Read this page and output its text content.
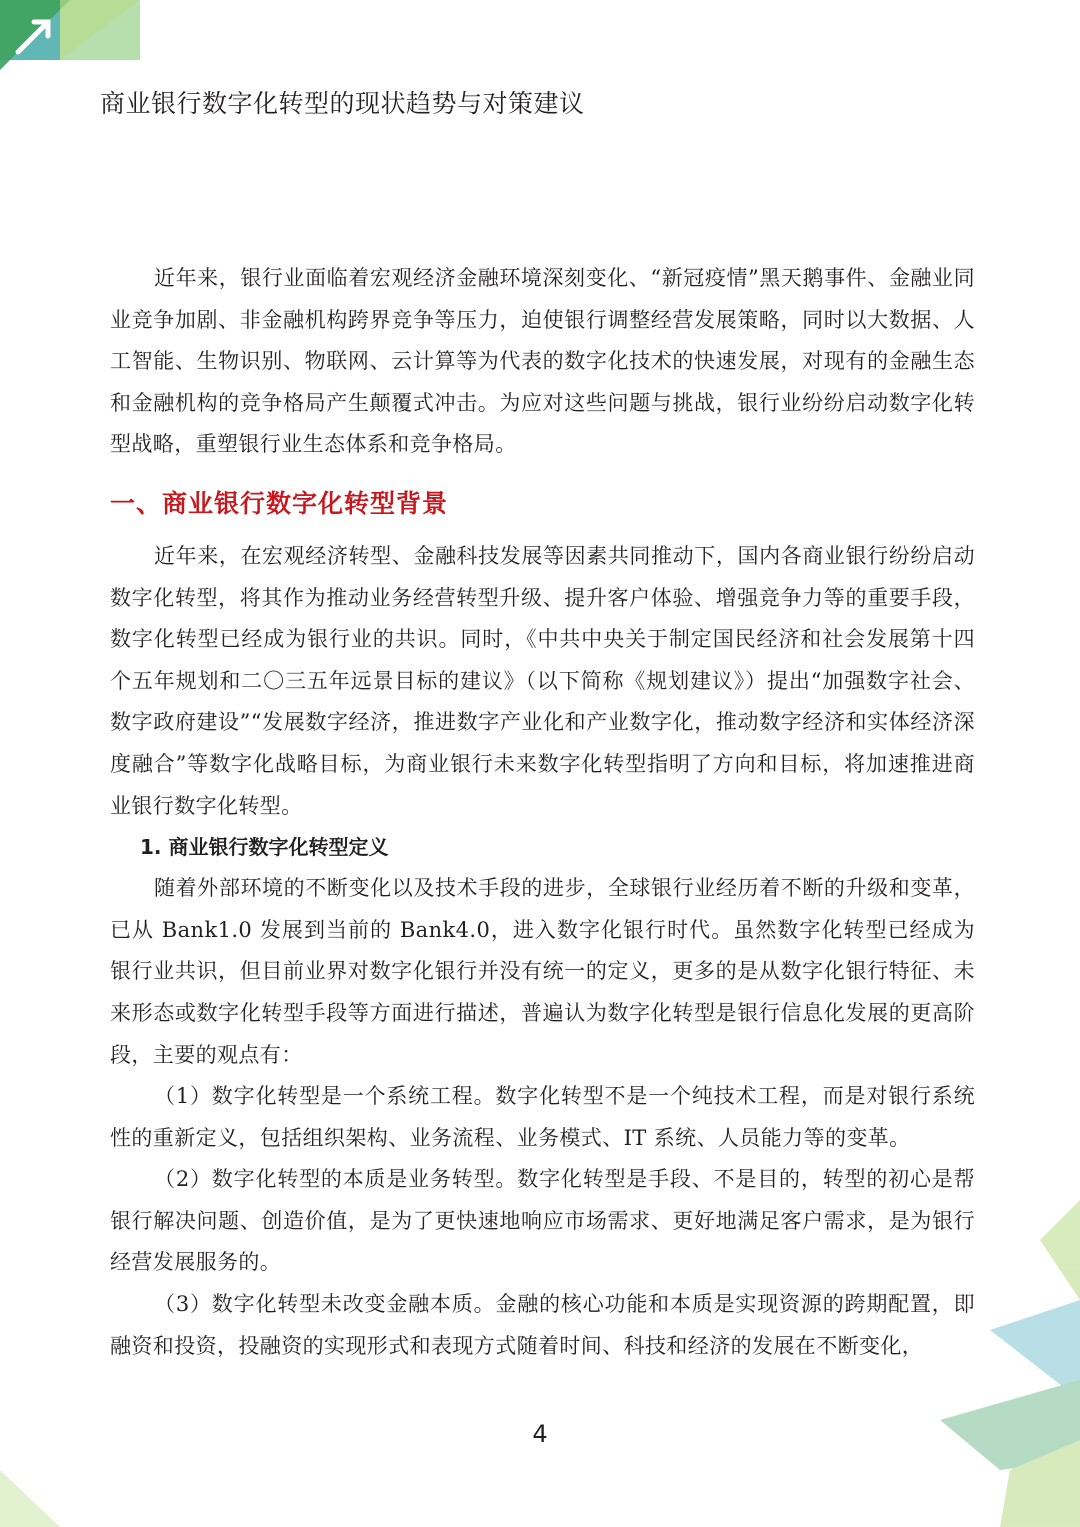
商业银行数字化转型的现状趋势与对策建议

近年来，银行业面临着宏观经济金融环境深刻变化、“新冠疫情”黑天鹅事件、金融业同业竞争加剧、非金融机构跨界竞争等压力，迫使银行调整经营发展策略，同时以大数据、人工智能、生物识别、物联网、云计算等为代表的数字化技术的快速发展，对现有的金融生态和金融机构的竞争格局产生颠覆式冲击。为应对这些问题与挑战，银行业纷纷启动数字化转型战略，重塑银行业生态体系和竞争格局。

一、商业银行数字化转型背景

近年来，在宏观经济转型、金融科技发展等因素共同推动下，国内各商业银行纷纷启动数字化转型，将其作为推动业务经营转型升级、提升客户体验、增强竞争力等的重要手段，数字化转型已经成为银行业的共识。同时，《中共中央关于制定国民经济和社会发展第十四个五年规划和二〇三五年远景目标的建议》（以下简称《规划建议》）提出“加强数字社会、数字政府建设”“发展数字经济，推进数字产业化和产业数字化，推动数字经济和实体经济深度融合”等数字化战略目标，为商业银行未来数字化转型指明了方向和目标，将加速推进商业银行数字化转型。

1. 商业银行数字化转型定义

随着外部环境的不断变化以及技术手段的进步，全球银行业经历着不断的升级和变革，已从 Bank1.0 发展到当前的 Bank4.0，进入数字化银行时代。虽然数字化转型已经成为银行业共识，但目前业界对数字化银行并没有统一的定义，更多的是从数字化银行特征、未来形态或数字化转型手段等方面进行描述，普遍认为数字化转型是银行信息化发展的更高阶段，主要的观点有：

（1）数字化转型是一个系统工程。数字化转型不是一个纯技术工程，而是对银行系统性的重新定义，包括组织架构、业务流程、业务模式、IT 系统、人员能力等的变革。

（2）数字化转型的本质是业务转型。数字化转型是手段、不是目的，转型的初心是帮银行解决问题、创造价值，是为了更快速地响应市场需求、更好地满足客户需求，是为银行经营发展服务的。

（3）数字化转型未改变金融本质。金融的核心功能和本质是实现资源的跨期配置，即融资和投资，投融资的实现形式和表现方式随着时间、科技和经济的发展在不断变化，

4
